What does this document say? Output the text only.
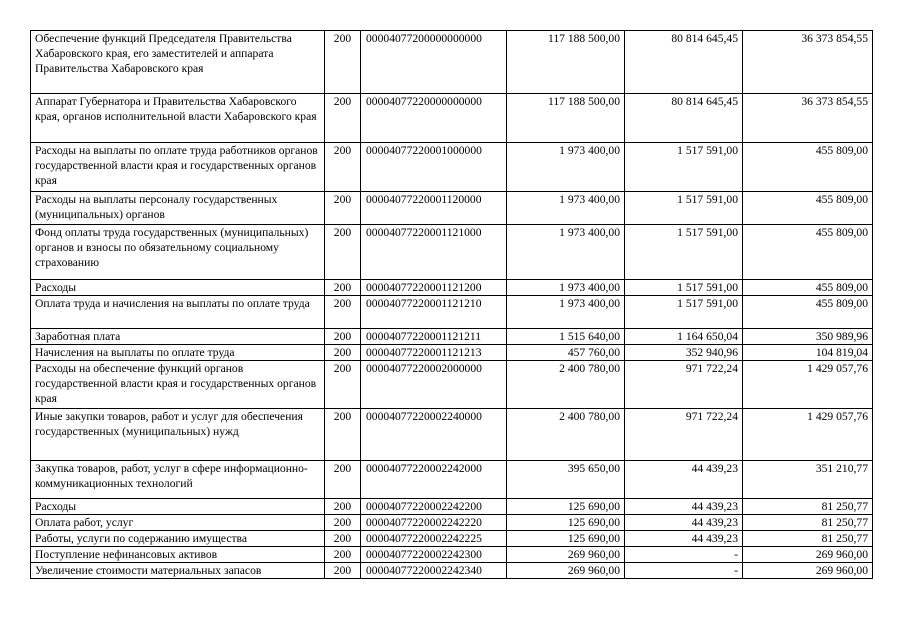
Обеспечение функций Председателя Правительства Хабаровского края, его заместителей и аппарата Правительства Хабаровского края	200	00004077200000000000	117 188 500,00	80 814 645,45	36 373 854,55
Аппарат Губернатора и Правительства Хабаровского края, органов исполнительной власти Хабаровского края	200	00004077220000000000	117 188 500,00	80 814 645,45	36 373 854,55
Расходы на выплаты по оплате труда работников органов государственной власти края и государственных органов края	200	00004077220001000000	1 973 400,00	1 517 591,00	455 809,00
Расходы на выплаты персоналу государственных (муниципальных) органов	200	00004077220001120000	1 973 400,00	1 517 591,00	455 809,00
Фонд оплаты труда государственных (муниципальных) органов и взносы по обязательному социальному страхованию	200	00004077220001121000	1 973 400,00	1 517 591,00	455 809,00
Расходы	200	00004077220001121200	1 973 400,00	1 517 591,00	455 809,00
Оплата труда и начисления на выплаты по оплате труда	200	00004077220001121210	1 973 400,00	1 517 591,00	455 809,00
Заработная плата	200	00004077220001121211	1 515 640,00	1 164 650,04	350 989,96
Начисления на выплаты по оплате труда	200	00004077220001121213	457 760,00	352 940,96	104 819,04
Расходы на обеспечение функций органов государственной власти края и государственных органов края	200	00004077220002000000	2 400 780,00	971 722,24	1 429 057,76
Иные закупки товаров, работ и услуг для обеспечения государственных (муниципальных) нужд	200	00004077220002240000	2 400 780,00	971 722,24	1 429 057,76
Закупка товаров, работ, услуг в сфере информационно-коммуникационных технологий	200	00004077220002242000	395 650,00	44 439,23	351 210,77
Расходы	200	00004077220002242200	125 690,00	44 439,23	81 250,77
Оплата работ, услуг	200	00004077220002242220	125 690,00	44 439,23	81 250,77
Работы, услуги по содержанию имущества	200	00004077220002242225	125 690,00	44 439,23	81 250,77
Поступление нефинансовых активов	200	00004077220002242300	269 960,00	-	269 960,00
Увеличение стоимости материальных запасов	200	00004077220002242340	269 960,00	-	269 960,00
